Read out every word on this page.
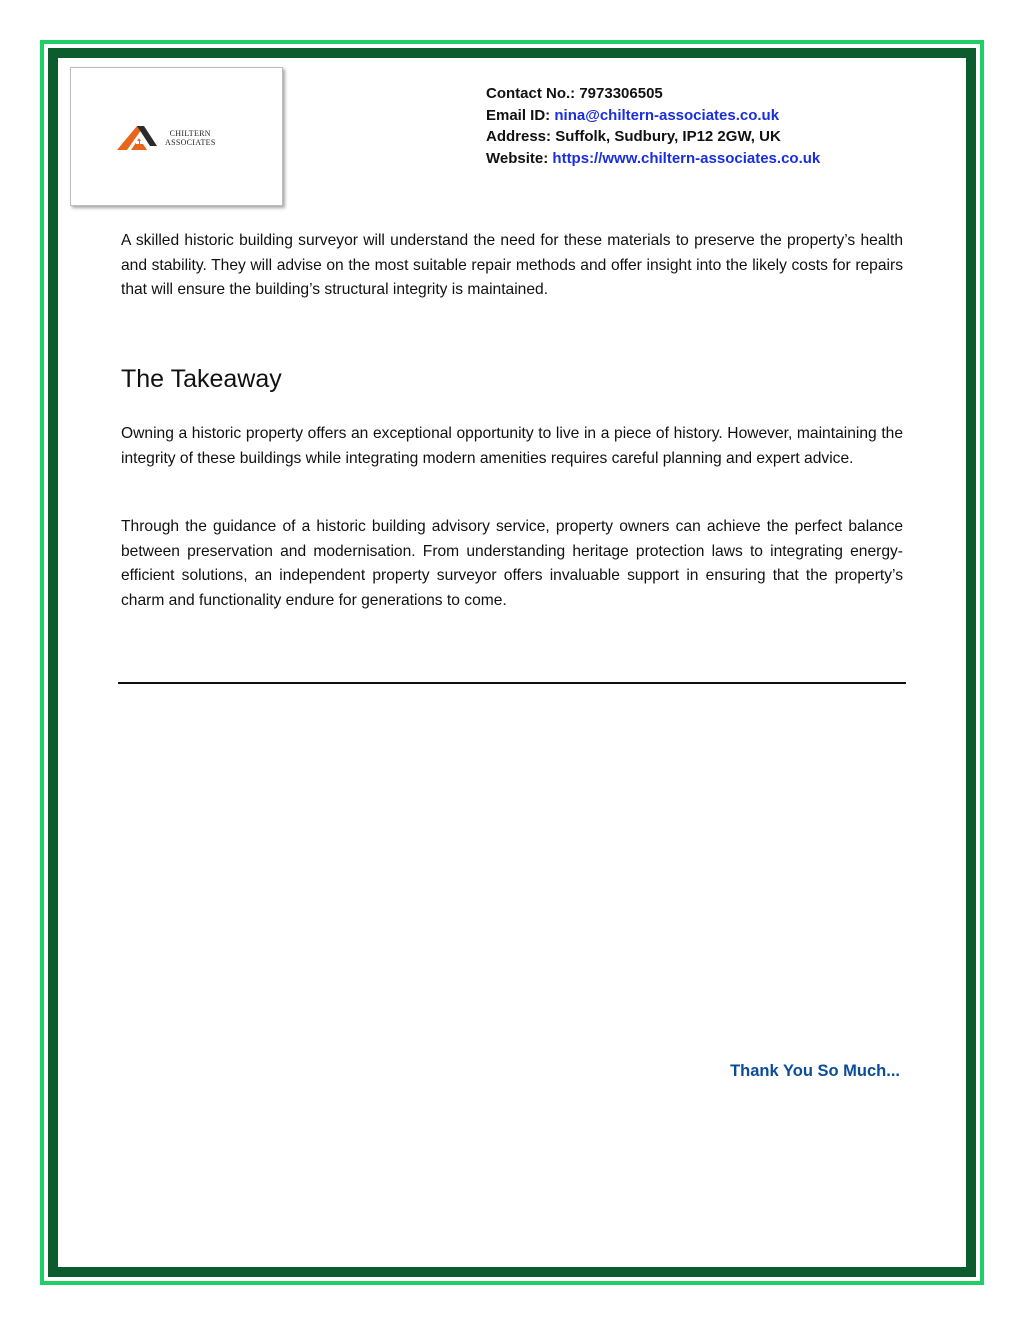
CHILTERN
ASSOCIATES
Contact No.: 7973306505
Email ID: nina@chiltern-associates.co.uk
Address: Suffolk, Sudbury, IP12 2GW, UK
Website: https://www.chiltern-associates.co.uk

A skilled historic building surveyor will understand the need for these materials to preserve the property’s health and stability. They will advise on the most suitable repair methods and offer insight into the likely costs for repairs that will ensure the building’s structural integrity is maintained.

The Takeaway

Owning a historic property offers an exceptional opportunity to live in a piece of history. However, maintaining the integrity of these buildings while integrating modern amenities requires careful planning and expert advice.

Through the guidance of a historic building advisory service, property owners can achieve the perfect balance between preservation and modernisation. From understanding heritage protection laws to integrating energy-efficient solutions, an independent property surveyor offers invaluable support in ensuring that the property’s charm and functionality endure for generations to come.

Thank You So Much...
